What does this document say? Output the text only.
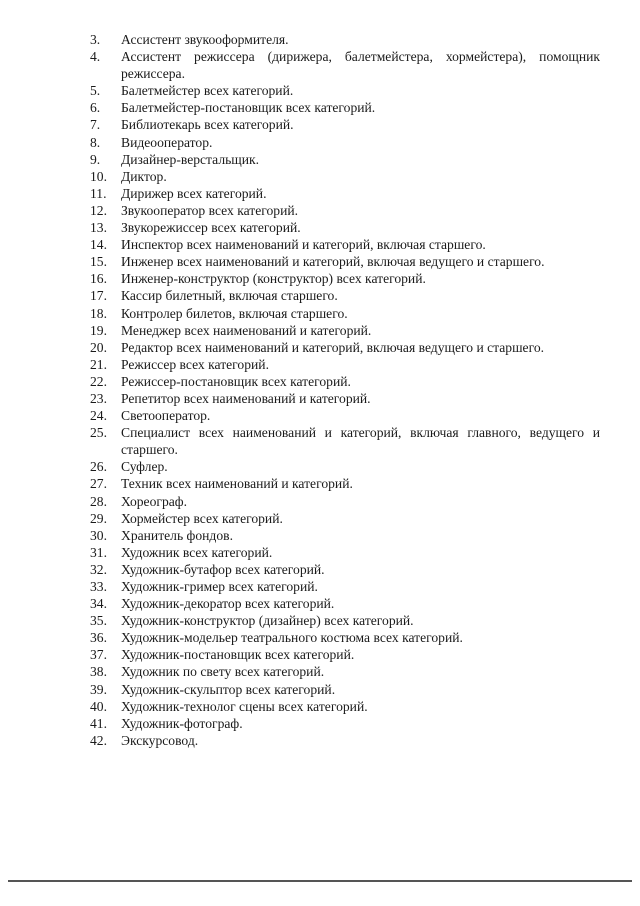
3.	Ассистент звукооформителя.
4.	Ассистент режиссера (дирижера, балетмейстера, хормейстера), помощник режиссера.
5.	Балетмейстер всех категорий.
6.	Балетмейстер-постановщик всех категорий.
7.	Библиотекарь всех категорий.
8.	Видеооператор.
9.	Дизайнер-верстальщик.
10.	Диктор.
11.	Дирижер всех категорий.
12.	Звукооператор всех категорий.
13.	Звукорежиссер всех категорий.
14.	Инспектор всех наименований и категорий, включая старшего.
15.	Инженер всех наименований и категорий, включая ведущего и старшего.
16.	Инженер-конструктор (конструктор) всех категорий.
17.	Кассир билетный, включая старшего.
18.	Контролер билетов, включая старшего.
19.	Менеджер всех наименований и категорий.
20.	Редактор всех наименований и категорий, включая ведущего и старшего.
21.	Режиссер всех категорий.
22.	Режиссер-постановщик всех категорий.
23.	Репетитор всех наименований и категорий.
24.	Светооператор.
25.	Специалист всех наименований и категорий, включая главного, ведущего и старшего.
26.	Суфлер.
27.	Техник всех наименований и категорий.
28.	Хореограф.
29.	Хормейстер всех категорий.
30.	Хранитель фондов.
31.	Художник всех категорий.
32.	Художник-бутафор всех категорий.
33.	Художник-гример всех категорий.
34.	Художник-декоратор всех категорий.
35.	Художник-конструктор (дизайнер) всех категорий.
36.	Художник-модельер театрального костюма всех категорий.
37.	Художник-постановщик всех категорий.
38.	Художник по свету всех категорий.
39.	Художник-скульптор всех категорий.
40.	Художник-технолог сцены всех категорий.
41.	Художник-фотограф.
42.	Экскурсовод.
